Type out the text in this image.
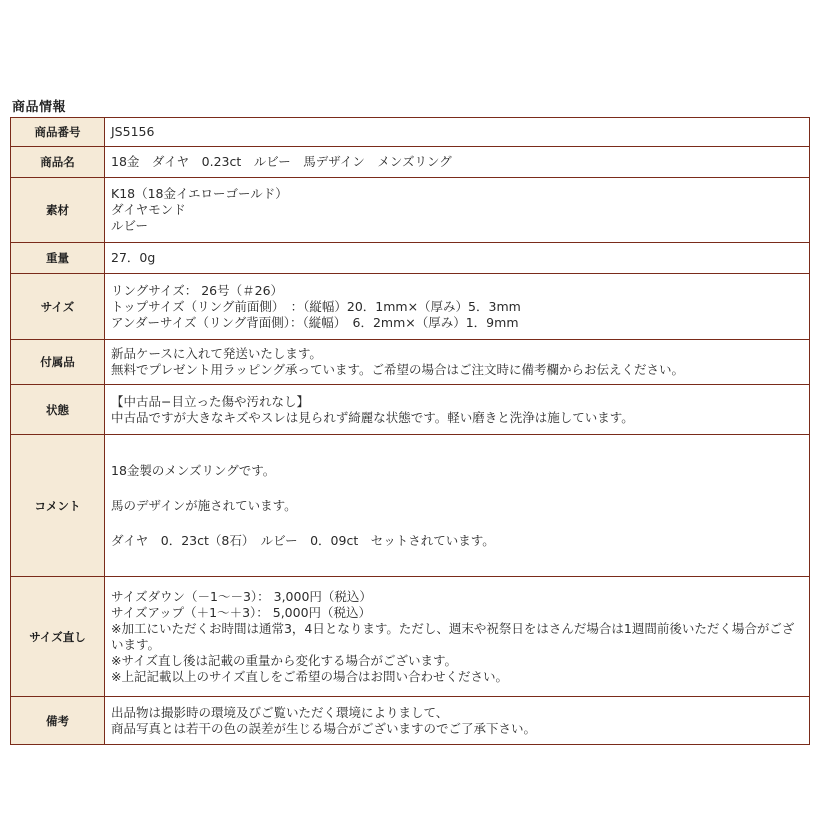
商品情報
商品番号	JS5156

商品名	18金　ダイヤ　0.23ct　ルビー　馬デザイン　メンズリング

素材	K18（18金イエローゴールド）
ダイヤモンド
ルビー

重量	27．0g

サイズ	リングサイズ： 26号（＃26）
トップサイズ（リング前面側）　：（縦幅）20．1mm×（厚み）5．3mm
アンダーサイズ（リング背面側）：（縦幅）　6．2mm×（厚み）1．9mm

付属品	新品ケースに入れて発送いたします。
無料でプレゼント用ラッピング承っています。ご希望の場合はご注文時に備考欄からお伝えください。

状態	【中古品−目立った傷や汚れなし】
中古品ですが大きなキズやスレは見られず綺麗な状態です。軽い磨きと洗浄は施しています。

コメント	18金製のメンズリングです。
馬のデザインが施されています。
ダイヤ　0．23ct（8石）　ルビー　0．09ct　セットされています。

サイズ直し	サイズダウン（－1～－3）： 3,000円（税込）
サイズアップ（＋1～＋3）： 5,000円（税込）
※加工にいただくお時間は通常3，4日となります。ただし、週末や祝祭日をはさんだ場合は1週間前後いただく場合がございます。
※サイズ直し後は記載の重量から変化する場合がございます。
※上記記載以上のサイズ直しをご希望の場合はお問い合わせください。

備考	出品物は撮影時の環境及びご覧いただく環境によりまして、
商品写真とは若干の色の誤差が生じる場合がございますのでご了承下さい。
